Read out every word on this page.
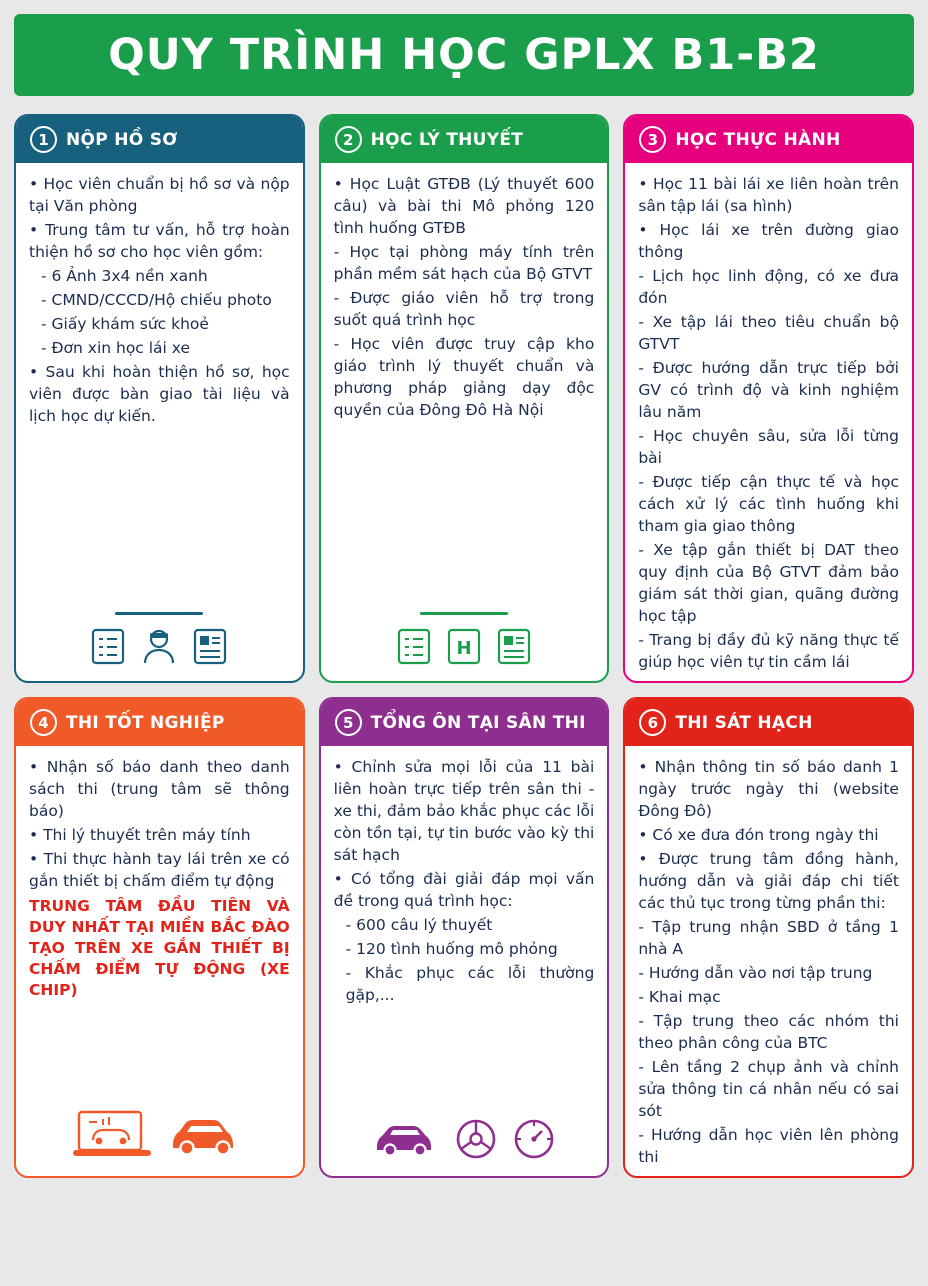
QUY TRÌNH HỌC GPLX B1-B2
1	NỘP HỒ SƠ
• Học viên chuẩn bị hồ sơ và nộp tại Văn phòng
• Trung tâm tư vấn, hỗ trợ hoàn thiện hồ sơ cho học viên gồm:
- 6 Ảnh 3x4 nền xanh
- CMND/CCCD/Hộ chiếu photo
- Giấy khám sức khoẻ
- Đơn xin học lái xe
• Sau khi hoàn thiện hồ sơ, học viên được bàn giao tài liệu và lịch học dự kiến.
2	HỌC LÝ THUYẾT
• Học Luật GTĐB (Lý thuyết 600 câu) và bài thi Mô phỏng 120 tình huống GTĐB
- Học tại phòng máy tính trên phần mềm sát hạch của Bộ GTVT
- Được giáo viên hỗ trợ trong suốt quá trình học
- Học viên được truy cập kho giáo trình lý thuyết chuẩn và phương pháp giảng dạy độc quyền của Đông Đô Hà Nội
H
3	HỌC THỰC HÀNH
• Học 11 bài lái xe liên hoàn trên sân tập lái (sa hình)
• Học lái xe trên đường giao thông
- Lịch học linh động, có xe đưa đón
- Xe tập lái theo tiêu chuẩn bộ GTVT
- Được hướng dẫn trực tiếp bởi GV có trình độ và kinh nghiệm lâu năm
- Học chuyên sâu, sửa lỗi từng bài
- Được tiếp cận thực tế và học cách xử lý các tình huống khi tham gia giao thông
- Xe tập gắn thiết bị DAT theo quy định của Bộ GTVT đảm bảo giám sát thời gian, quãng đường học tập
- Trang bị đầy đủ kỹ năng thực tế giúp học viên tự tin cầm lái
4	THI TỐT NGHIỆP
• Nhận số báo danh theo danh sách thi (trung tâm sẽ thông báo)
• Thi lý thuyết trên máy tính
• Thi thực hành tay lái trên xe có gắn thiết bị chấm điểm tự động
TRUNG TÂM ĐẦU TIÊN VÀ DUY NHẤT TẠI MIỀN BẮC ĐÀO TẠO TRÊN XE GẮN THIẾT BỊ CHẤM ĐIỂM TỰ ĐỘNG (XE CHIP)
5	TỔNG ÔN TẠI SÂN THI
• Chỉnh sửa mọi lỗi của 11 bài liên hoàn trực tiếp trên sân thi - xe thi, đảm bảo khắc phục các lỗi còn tồn tại, tự tin bước vào kỳ thi sát hạch
• Có tổng đài giải đáp mọi vấn đề trong quá trình học:
- 600 câu lý thuyết
- 120 tình huống mô phỏng
- Khắc phục các lỗi thường gặp,...
6	THI SÁT HẠCH
• Nhận thông tin số báo danh 1 ngày trước ngày thi (website Đông Đô)
• Có xe đưa đón trong ngày thi
• Được trung tâm đồng hành, hướng dẫn và giải đáp chi tiết các thủ tục trong từng phần thi:
- Tập trung nhận SBD ở tầng 1 nhà A
- Hướng dẫn vào nơi tập trung
- Khai mạc
- Tập trung theo các nhóm thi theo phân công của BTC
- Lên tầng 2 chụp ảnh và chỉnh sửa thông tin cá nhân nếu có sai sót
- Hướng dẫn học viên lên phòng thi
